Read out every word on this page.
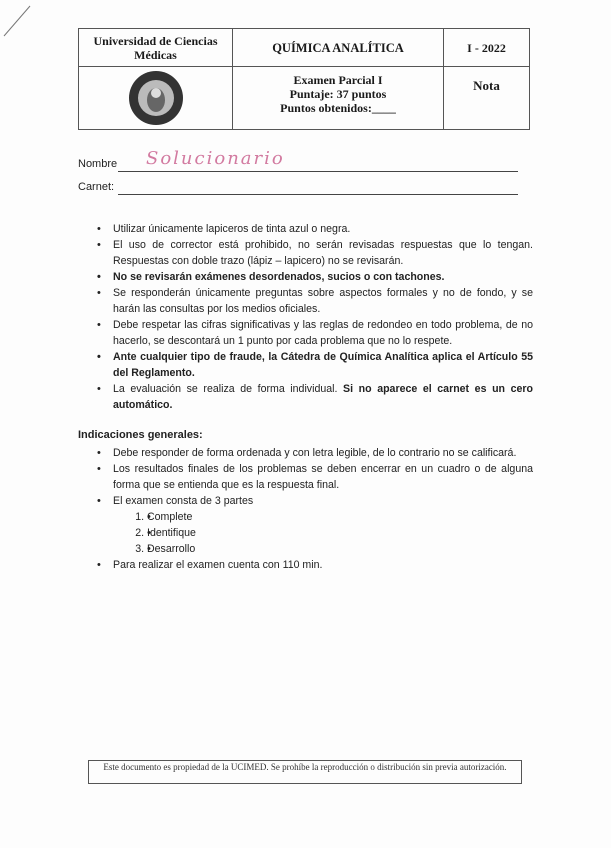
Universidad de Ciencias Médicas	QUÍMICA ANALÍTICA	I - 2022
Examen Parcial I
Puntaje: 37 puntos
Puntos obtenidos:____
Nota
Nombre Solucionario
Carnet:
• Utilizar únicamente lapiceros de tinta azul o negra.
• El uso de corrector está prohibido, no serán revisadas respuestas que lo tengan. Respuestas con doble trazo (lápiz – lapicero) no se revisarán.
• No se revisarán exámenes desordenados, sucios o con tachones.
• Se responderán únicamente preguntas sobre aspectos formales y no de fondo, y se harán las consultas por los medios oficiales.
• Debe respetar las cifras significativas y las reglas de redondeo en todo problema, de no hacerlo, se descontará un 1 punto por cada problema que no lo respete.
• Ante cualquier tipo de fraude, la Cátedra de Química Analítica aplica el Artículo 55 del Reglamento.
• La evaluación se realiza de forma individual. Si no aparece el carnet es un cero automático.
Indicaciones generales:
• Debe responder de forma ordenada y con letra legible, de lo contrario no se calificará.
• Los resultados finales de los problemas se deben encerrar en un cuadro o de alguna forma que se entienda que es la respuesta final.
• El examen consta de 3 partes
• 1. Complete
• 2. Identifique
• 3. Desarrollo
• Para realizar el examen cuenta con 110 min.
Este documento es propiedad de la UCIMED. Se prohíbe la reproducción o distribución sin previa autorización.
